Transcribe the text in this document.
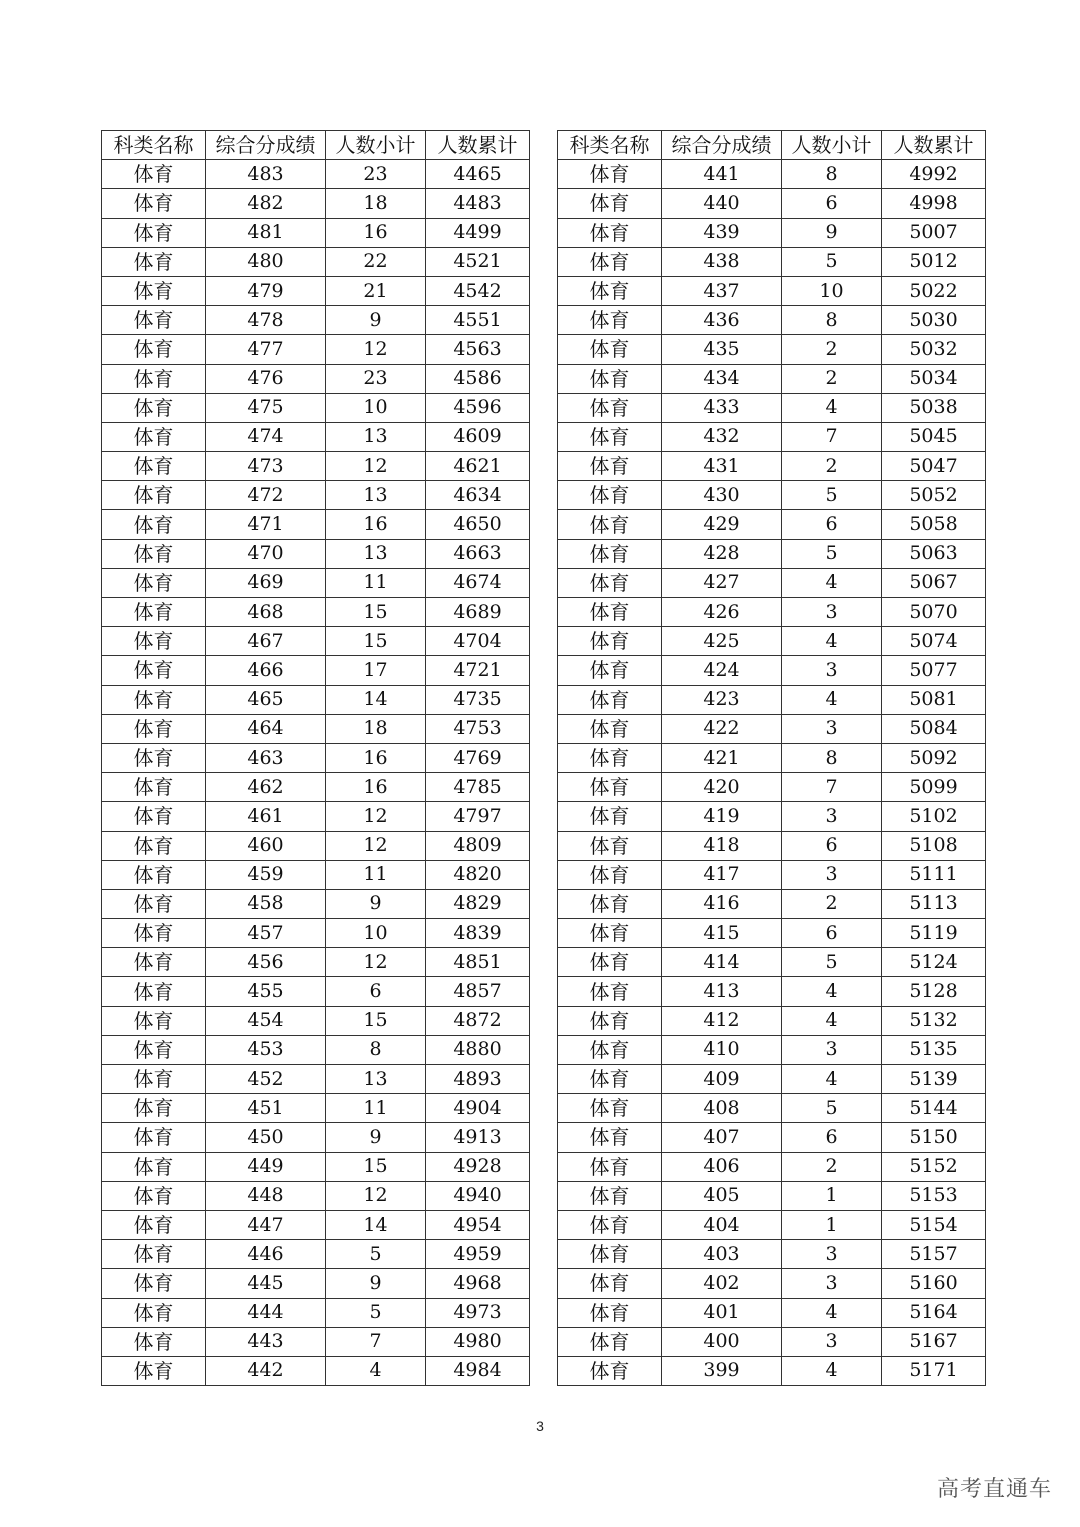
科类名称	综合分成绩	人数小计	人数累计
体育	483	23	4465
体育	482	18	4483
体育	481	16	4499
体育	480	22	4521
体育	479	21	4542
体育	478	9	4551
体育	477	12	4563
体育	476	23	4586
体育	475	10	4596
体育	474	13	4609
体育	473	12	4621
体育	472	13	4634
体育	471	16	4650
体育	470	13	4663
体育	469	11	4674
体育	468	15	4689
体育	467	15	4704
体育	466	17	4721
体育	465	14	4735
体育	464	18	4753
体育	463	16	4769
体育	462	16	4785
体育	461	12	4797
体育	460	12	4809
体育	459	11	4820
体育	458	9	4829
体育	457	10	4839
体育	456	12	4851
体育	455	6	4857
体育	454	15	4872
体育	453	8	4880
体育	452	13	4893
体育	451	11	4904
体育	450	9	4913
体育	449	15	4928
体育	448	12	4940
体育	447	14	4954
体育	446	5	4959
体育	445	9	4968
体育	444	5	4973
体育	443	7	4980
体育	442	4	4984
科类名称	综合分成绩	人数小计	人数累计
体育	441	8	4992
体育	440	6	4998
体育	439	9	5007
体育	438	5	5012
体育	437	10	5022
体育	436	8	5030
体育	435	2	5032
体育	434	2	5034
体育	433	4	5038
体育	432	7	5045
体育	431	2	5047
体育	430	5	5052
体育	429	6	5058
体育	428	5	5063
体育	427	4	5067
体育	426	3	5070
体育	425	4	5074
体育	424	3	5077
体育	423	4	5081
体育	422	3	5084
体育	421	8	5092
体育	420	7	5099
体育	419	3	5102
体育	418	6	5108
体育	417	3	5111
体育	416	2	5113
体育	415	6	5119
体育	414	5	5124
体育	413	4	5128
体育	412	4	5132
体育	410	3	5135
体育	409	4	5139
体育	408	5	5144
体育	407	6	5150
体育	406	2	5152
体育	405	1	5153
体育	404	1	5154
体育	403	3	5157
体育	402	3	5160
体育	401	4	5164
体育	400	3	5167
体育	399	4	5171
3
高考直通车
